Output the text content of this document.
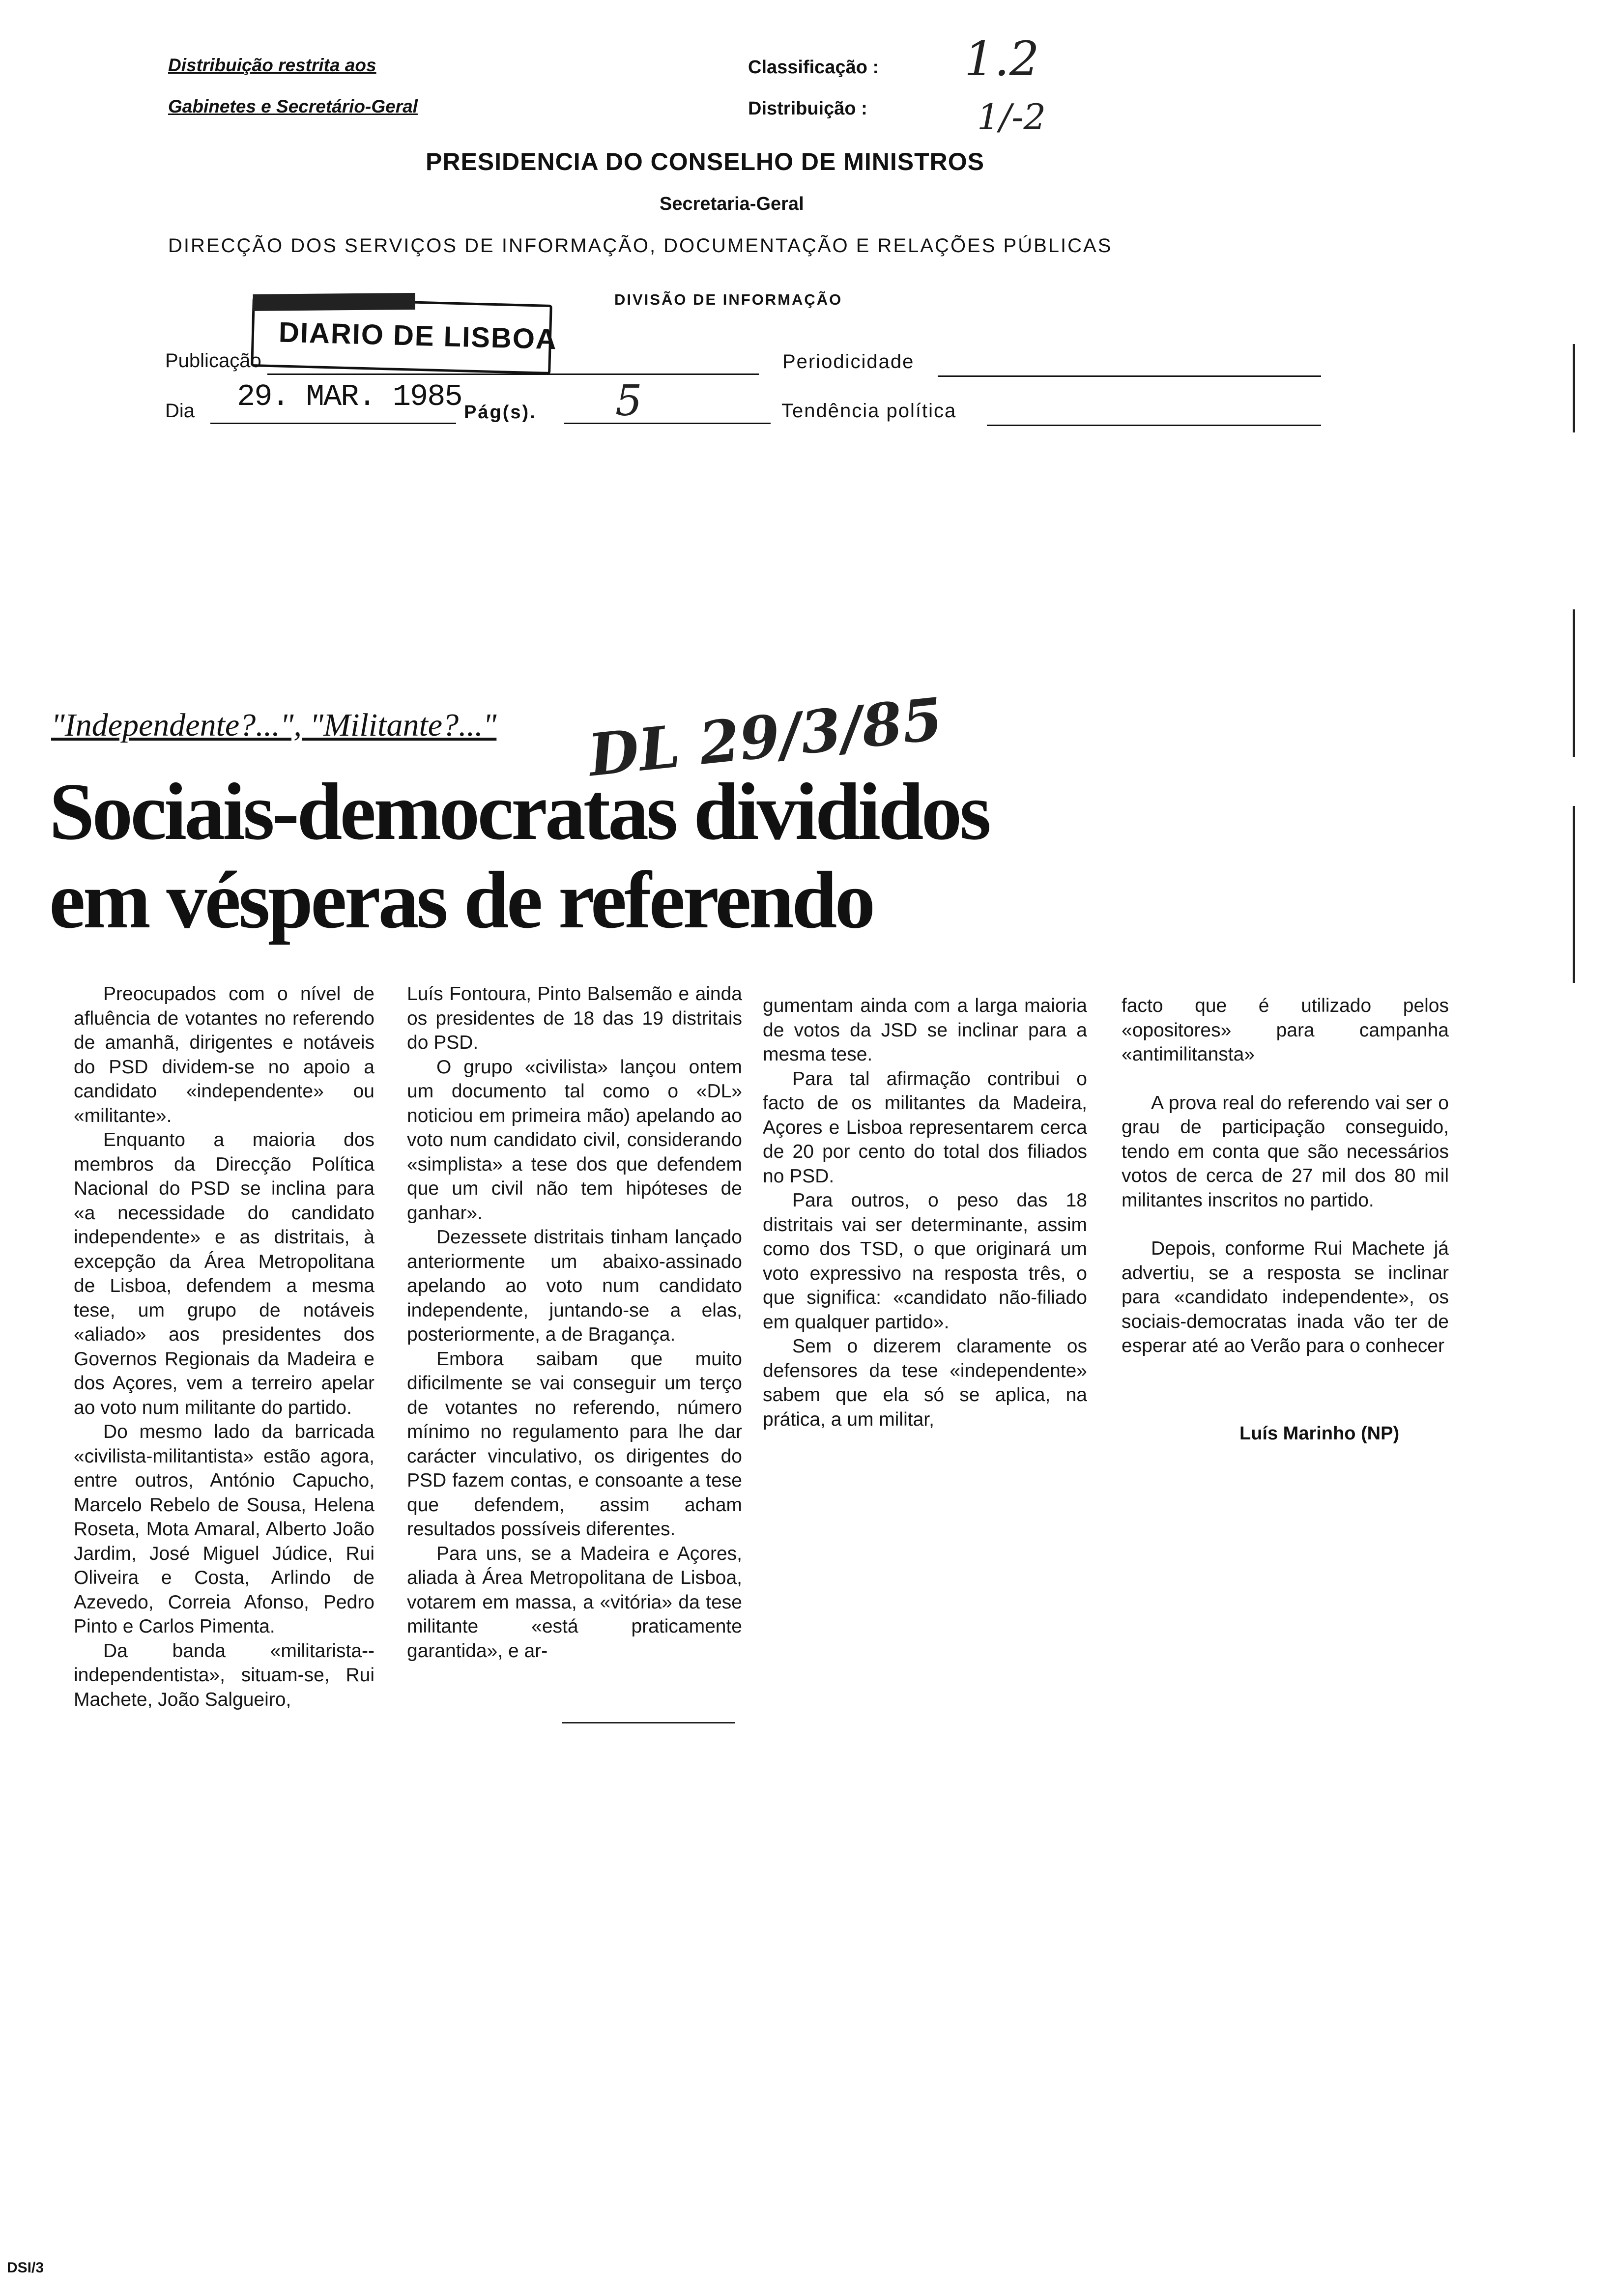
Distribuição restrita aos
Gabinetes e Secretário-Geral
Classificação : 1.2
Distribuição :	1/-2
PRESIDENCIA DO CONSELHO DE MINISTROS
Secretaria-Geral
DIRECÇÃO DOS SERVIÇOS DE INFORMAÇÃO, DOCUMENTAÇÃO E RELAÇÕES PÚBLICAS
DIVISÃO DE INFORMAÇÃO
DIARIO DE LISBOA
Publicação	Periodicidade
Dia 29. MAR. 1985 Pág(s). 5	Tendência política
"Independente?...", "Militante?..." DL 29/3/85
Sociais-democratas divididos
em vésperas de referendo

Preocupados com o nível de afluência de votantes no referendo de amanhã, dirigentes e notáveis do PSD dividem-se no apoio a candidato «independente» ou «militante».

Enquanto a maioria dos membros da Direcção Política Nacional do PSD se inclina para «a necessidade do candidato independente» e as distritais, à excepção da Área Metropolitana de Lisboa, defendem a mesma tese, um grupo de notáveis «aliado» aos presidentes dos Governos Regionais da Madeira e dos Açores, vem a terreiro apelar ao voto num militante do partido.

Do mesmo lado da barricada «civilista-militantista» estão agora, entre outros, António Capucho, Marcelo Rebelo de Sousa, Helena Roseta, Mota Amaral, Alberto João Jardim, José Miguel Júdice, Rui Oliveira e Costa, Arlindo de Azevedo, Correia Afonso, Pedro Pinto e Carlos Pimenta.

Da banda «militarista--independentista», situam-se, Rui Machete, João Salgueiro,

Luís Fontoura, Pinto Balsemão e ainda os presidentes de 18 das 19 distritais do PSD.

O grupo «civilista» lançou ontem um documento tal como o «DL» noticiou em primeira mão) apelando ao voto num candidato civil, considerando «simplista» a tese dos que defendem que um civil não tem hipóteses de ganhar».

Dezessete distritais tinham lançado anteriormente um abaixo-assinado apelando ao voto num candidato independente, juntando-se a elas, posteriormente, a de Bragança.

Embora saibam que muito dificilmente se vai conseguir um terço de votantes no referendo, número mínimo no regulamento para lhe dar carácter vinculativo, os dirigentes do PSD fazem contas, e consoante a tese que defendem, assim acham resultados possíveis diferentes.

Para uns, se a Madeira e Açores, aliada à Área Metropolitana de Lisboa, votarem em massa, a «vitória» da tese militante «está praticamente garantida», e ar-

gumentam ainda com a larga maioria de votos da JSD se inclinar para a mesma tese.

Para tal afirmação contribui o facto de os militantes da Madeira, Açores e Lisboa representarem cerca de 20 por cento do total dos filiados no PSD.

Para outros, o peso das 18 distritais vai ser determinante, assim como dos TSD, o que originará um voto expressivo na resposta três, o que significa: «candidato não-filiado em qualquer partido».

Sem o dizerem claramente os defensores da tese «independente» sabem que ela só se aplica, na prática, a um militar,

facto que é utilizado pelos «opositores» para campanha «antimilitansta»

A prova real do referendo vai ser o grau de participação conseguido, tendo em conta que são necessários votos de cerca de 27 mil dos 80 mil militantes inscritos no partido.

Depois, conforme Rui Machete já advertiu, se a resposta se inclinar para «candidato independente», os sociais-democratas inada vão ter de esperar até ao Verão para o conhecer

Luís Marinho (NP)
DSI/3
